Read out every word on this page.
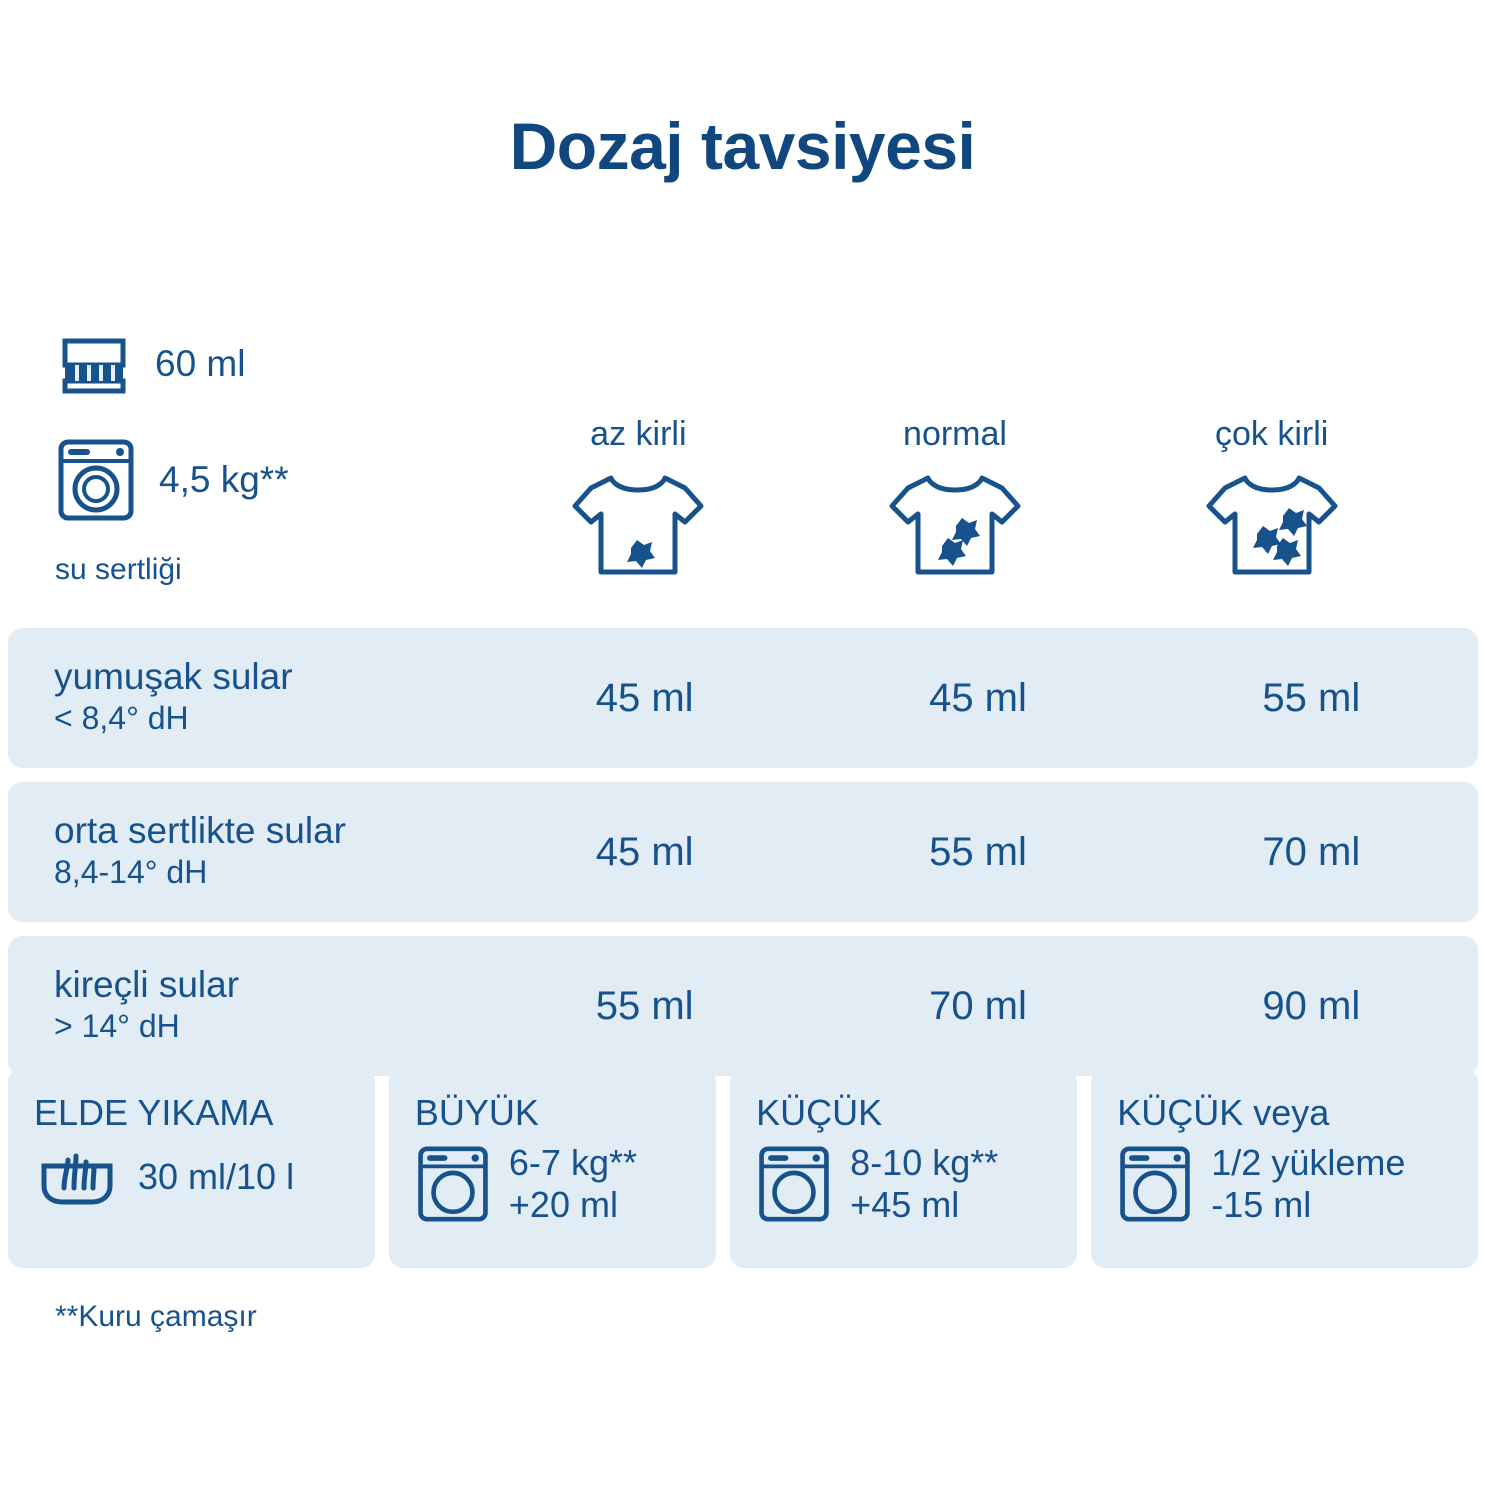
Dozaj tavsiyesi
60 ml
4,5 kg**
su sertliği
az kirli	normal	çok kirli
yumuşak sular
< 8,4° dH	45 ml	45 ml	55 ml
orta sertlikte sular
8,4-14° dH	45 ml	55 ml	70 ml
kireçli sular
> 14° dH	55 ml	70 ml	90 ml
ELDE YIKAMA
30 ml/10 l
BÜYÜK
6-7 kg**
+20 ml
KÜÇÜK
8-10 kg**
+45 ml
KÜÇÜK veya
1/2 yükleme
-15 ml
**Kuru çamaşır
